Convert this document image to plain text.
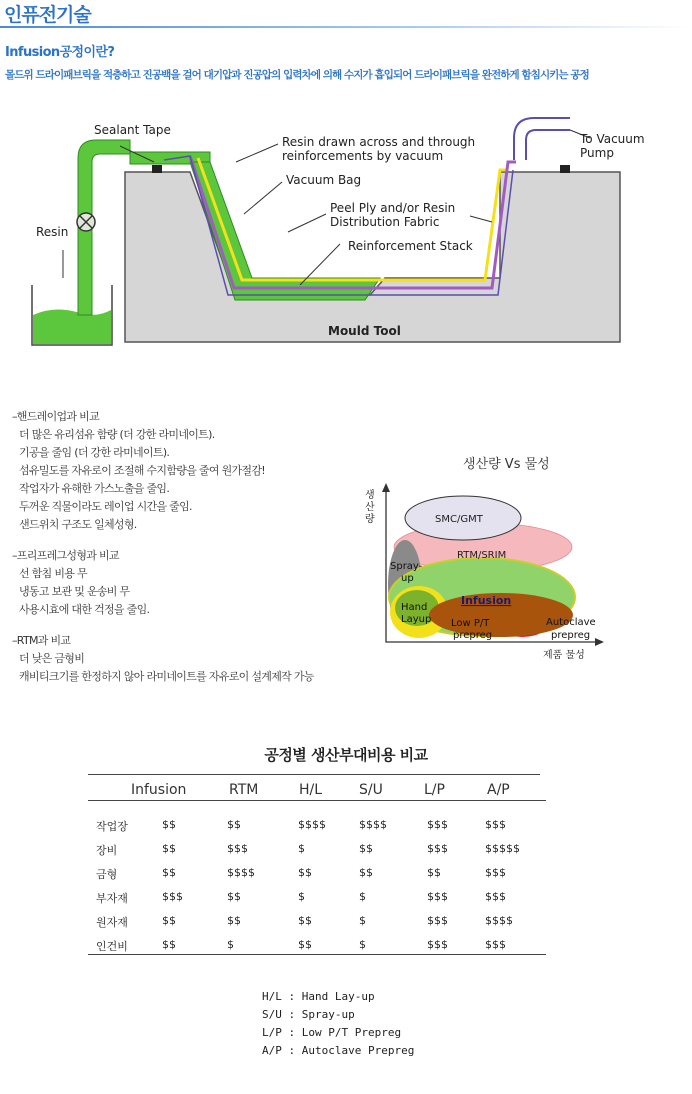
인퓨전기술
Infusion공정이란?
몰드위 드라이패브릭을 적층하고 진공백을 걸어 대기압과 진공압의 입력차에 의해 수지가 흡입되어 드라이패브릭을 완전하게 함침시키는 공정
Sealant Tape
Resin drawn across and through
reinforcements by vacuum
Vacuum Bag
Peel Ply and/or Resin
Distribution Fabric
Reinforcement Stack
Resin
Mould Tool
To Vacuum
Pump
–핸드레이업과 비교
더 많은 유리섬유 함량 (더 강한 라미네이트).
기공을 줄임 (더 강한 라미네이트).
섬유밀도를 자유로이 조절해 수지함량을 줄여 원가절감!
작업자가 유해한 가스노출을 줄임.
두꺼운 직물이라도 레이업 시간을 줄임.
샌드위치 구조도 일체성형.
–프리프레그성형과 비교
선 함침 비용 무
냉동고 보관 및 운송비 무
사용시효에 대한 걱정을 줄임.
–RTM과 비교
더 낮은 금형비
캐비티크기를 한정하지 않아 라미네이트를 자유로이 설계제작 가능
생산량 Vs 물성
생
산
량	SMC/GMT
RTM/SRIM
Spray-
up
Infusion
Hand
Layup Low P/T
prepreg
Autoclave
prepreg
제품 물성
공정별 생산부대비용 비교
Infusion	RTM	H/L	S/U	L/P	A/P
작업장	$$	$$	$$$$	$$$$	$$$	$$$
장비	$$	$$$	$	$$	$$$	$$$$$
금형	$$	$$$$	$$	$$	$$	$$$
부자재	$$$	$$	$	$	$$$	$$$
원자재	$$	$$	$$	$	$$$	$$$$
인건비	$$	$	$$	$	$$$	$$$
H/L : Hand Lay-up
S/U : Spray-up
L/P : Low P/T Prepreg
A/P : Autoclave Prepreg
